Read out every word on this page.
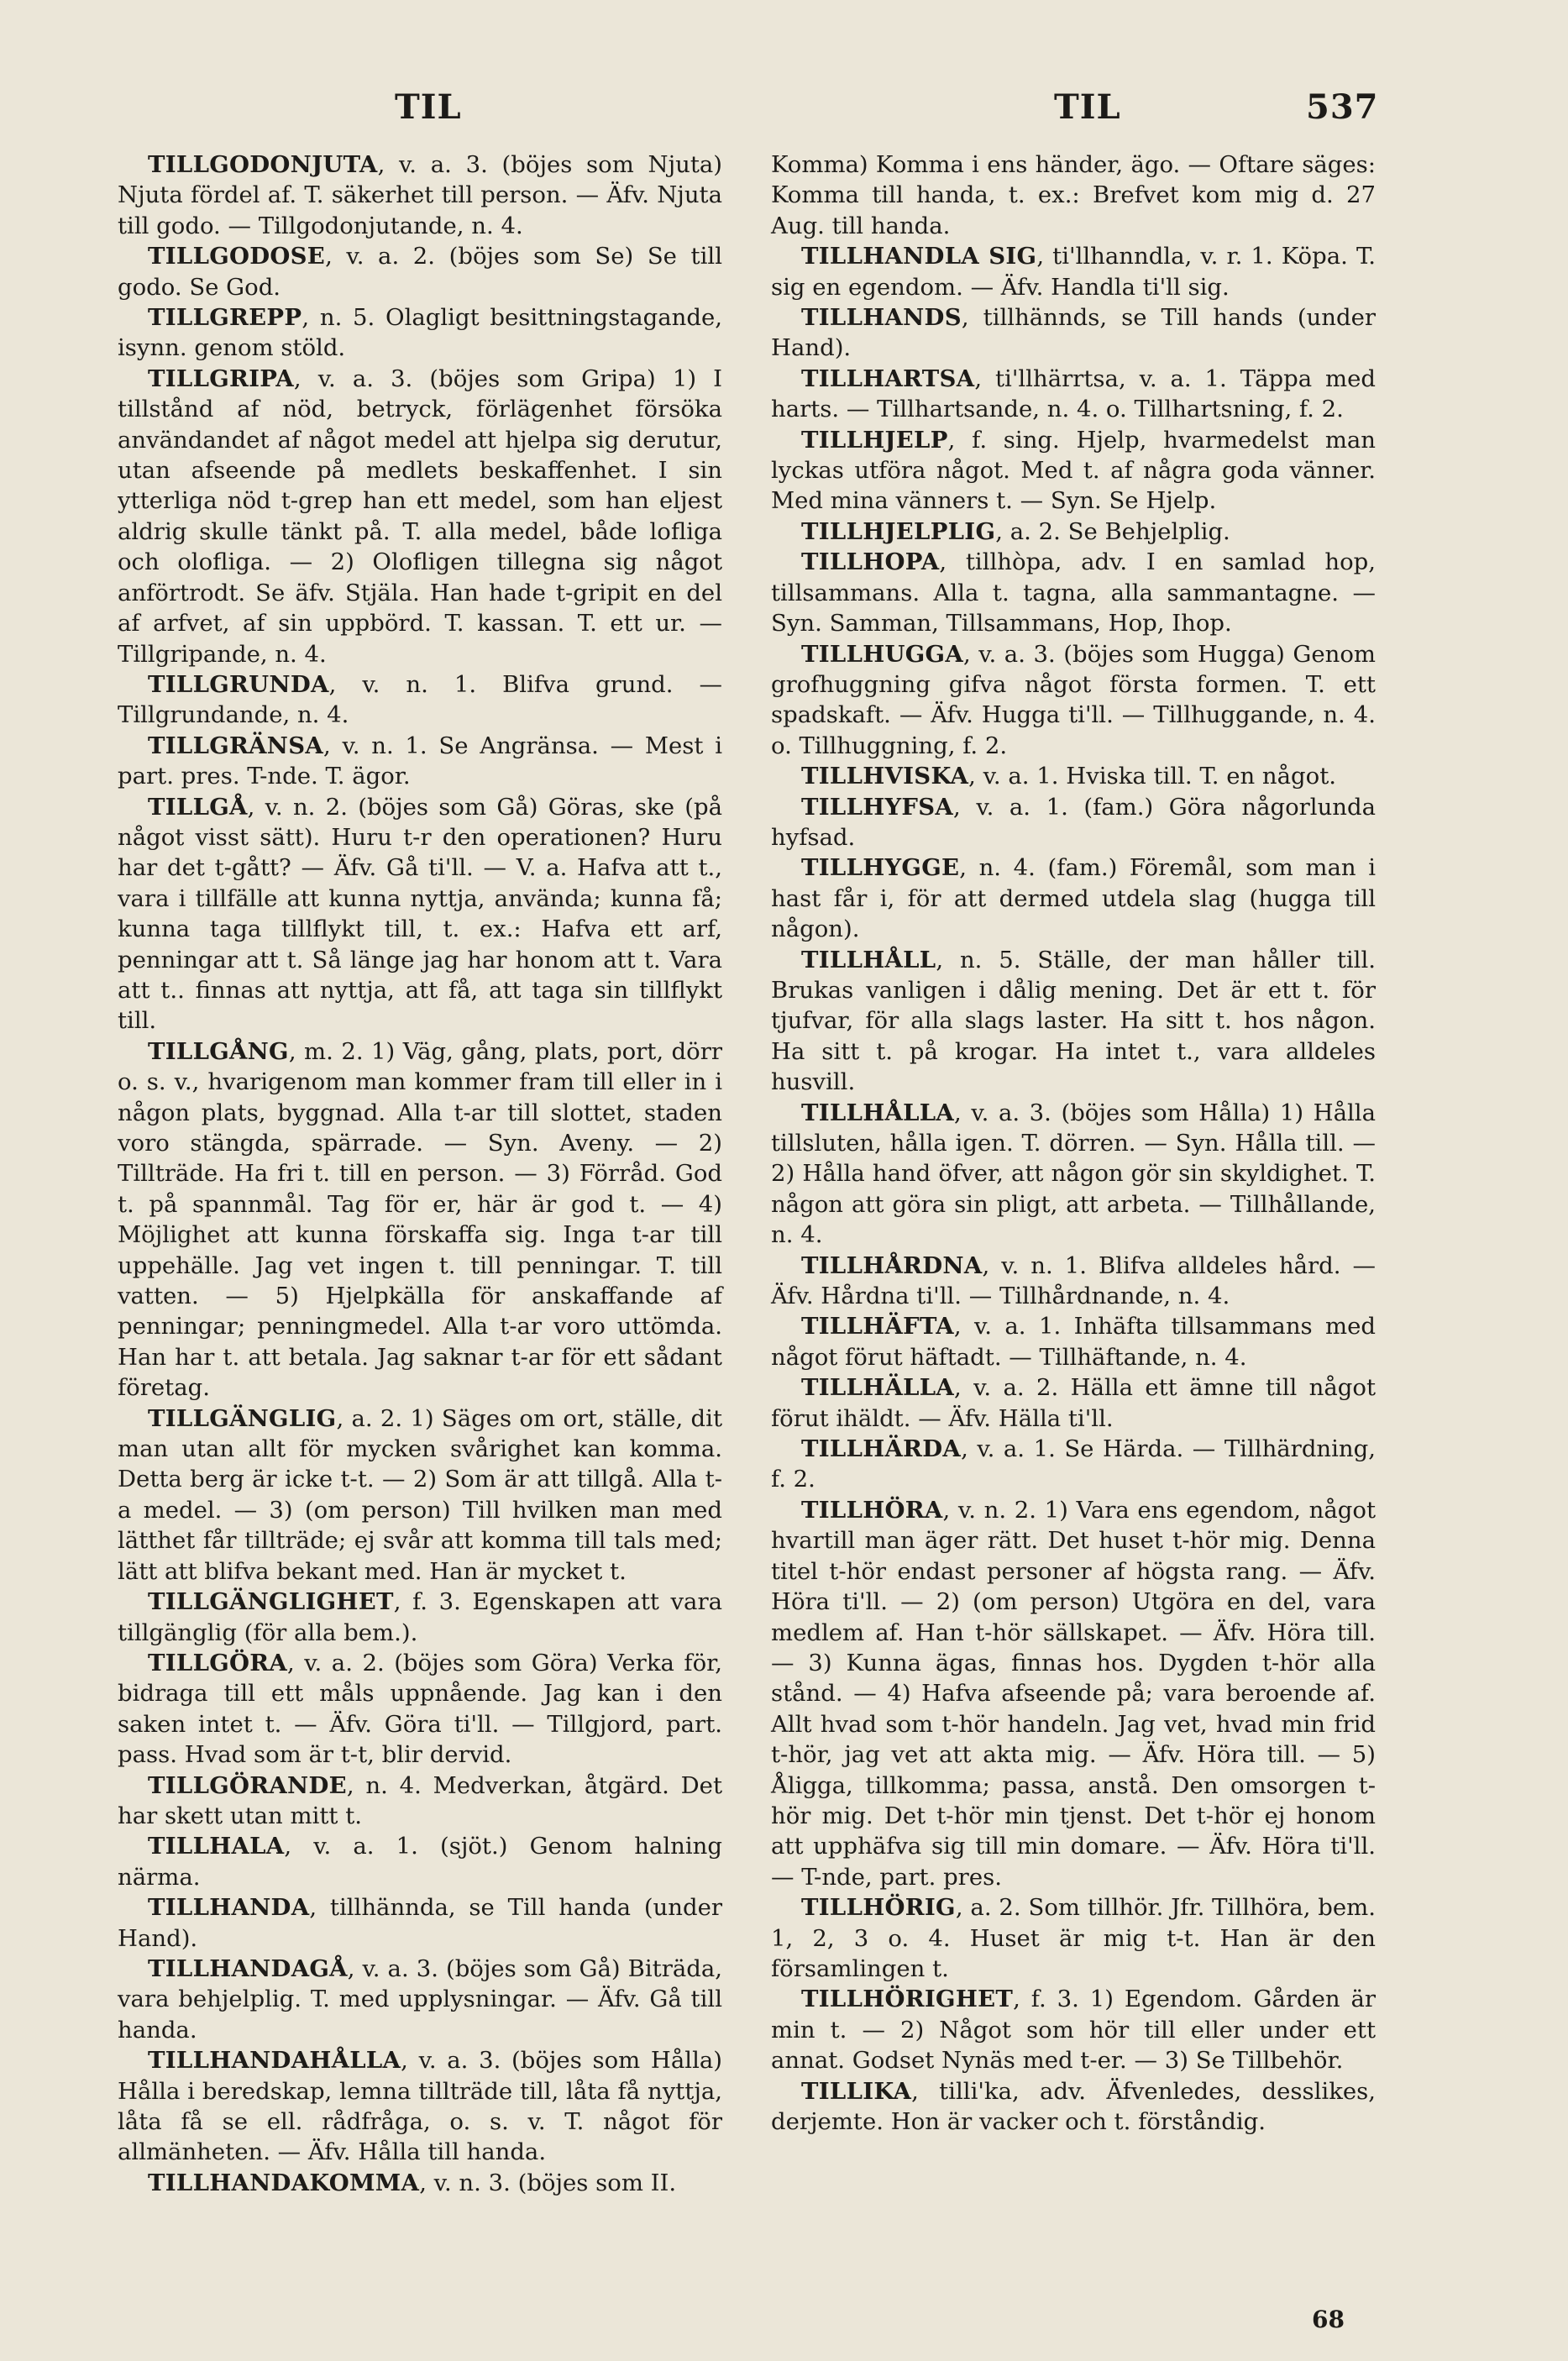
TIL	TIL	537

TILLGODONJUTA, v. a. 3. (böjes som Njuta) Njuta fördel af. T. säkerhet till person. — Äfv. Njuta till godo. — Tillgodonjutande, n. 4.

TILLGODOSE, v. a. 2. (böjes som Se) Se till godo. Se God.

TILLGREPP, n. 5. Olagligt besittningstagande, isynn. genom stöld.

TILLGRIPA, v. a. 3. (böjes som Gripa) 1) I tillstånd af nöd, betryck, förlägenhet försöka användandet af något medel att hjelpa sig derutur, utan afseende på medlets beskaffenhet. I sin ytterliga nöd t-grep han ett medel, som han eljest aldrig skulle tänkt på. T. alla medel, både lofliga och olofliga. — 2) Olofligen tillegna sig något anförtrodt. Se äfv. Stjäla. Han hade t-gripit en del af arfvet, af sin uppbörd. T. kassan. T. ett ur. — Tillgripande, n. 4.

TILLGRUNDA, v. n. 1. Blifva grund. — Tillgrundande, n. 4.

TILLGRÄNSA, v. n. 1. Se Angränsa. — Mest i part. pres. T-nde. T. ägor.

TILLGÅ, v. n. 2. (böjes som Gå) Göras, ske (på något visst sätt). Huru t-r den operationen? Huru har det t-gått? — Äfv. Gå ti'll. — V. a. Hafva att t., vara i tillfälle att kunna nyttja, använda; kunna få; kunna taga tillflykt till, t. ex.: Hafva ett arf, penningar att t. Så länge jag har honom att t. Vara att t.. finnas att nyttja, att få, att taga sin tillflykt till.

TILLGÅNG, m. 2. 1) Väg, gång, plats, port, dörr o. s. v., hvarigenom man kommer fram till eller in i någon plats, byggnad. Alla t-ar till slottet, staden voro stängda, spärrade. — Syn. Aveny. — 2) Tillträde. Ha fri t. till en person. — 3) Förråd. God t. på spannmål. Tag för er, här är god t. — 4) Möjlighet att kunna förskaffa sig. Inga t-ar till uppehälle. Jag vet ingen t. till penningar. T. till vatten. — 5) Hjelpkälla för anskaffande af penningar; penningmedel. Alla t-ar voro uttömda. Han har t. att betala. Jag saknar t-ar för ett sådant företag.

TILLGÄNGLIG, a. 2. 1) Säges om ort, ställe, dit man utan allt för mycken svårighet kan komma. Detta berg är icke t-t. — 2) Som är att tillgå. Alla t-a medel. — 3) (om person) Till hvilken man med lätthet får tillträde; ej svår att komma till tals med; lätt att blifva bekant med. Han är mycket t.

TILLGÄNGLIGHET, f. 3. Egenskapen att vara tillgänglig (för alla bem.).

TILLGÖRA, v. a. 2. (böjes som Göra) Verka för, bidraga till ett måls uppnående. Jag kan i den saken intet t. — Äfv. Göra ti'll. — Tillgjord, part. pass. Hvad som är t-t, blir dervid.

TILLGÖRANDE, n. 4. Medverkan, åtgärd. Det har skett utan mitt t.

TILLHALA, v. a. 1. (sjöt.) Genom halning närma.

TILLHANDA, tillhännda, se Till handa (under Hand).

TILLHANDAGÅ, v. a. 3. (böjes som Gå) Biträda, vara behjelplig. T. med upplysningar. — Äfv. Gå till handa.

TILLHANDAHÅLLA, v. a. 3. (böjes som Hålla) Hålla i beredskap, lemna tillträde till, låta få nyttja, låta få se ell. rådfråga, o. s. v. T. något för allmänheten. — Äfv. Hålla till handa.

TILLHANDAKOMMA, v. n. 3. (böjes som II.

Komma) Komma i ens händer, ägo. — Oftare säges: Komma till handa, t. ex.: Brefvet kom mig d. 27 Aug. till handa.

TILLHANDLA SIG, ti'llhanndla, v. r. 1. Köpa. T. sig en egendom. — Äfv. Handla ti'll sig.

TILLHANDS, tillhännds, se Till hands (under Hand).

TILLHARTSA, ti'llhärrtsa, v. a. 1. Täppa med harts. — Tillhartsande, n. 4. o. Tillhartsning, f. 2.

TILLHJELP, f. sing. Hjelp, hvarmedelst man lyckas utföra något. Med t. af några goda vänner. Med mina vänners t. — Syn. Se Hjelp.

TILLHJELPLIG, a. 2. Se Behjelplig.

TILLHOPA, tillhòpa, adv. I en samlad hop, tillsammans. Alla t. tagna, alla sammantagne. — Syn. Samman, Tillsammans, Hop, Ihop.

TILLHUGGA, v. a. 3. (böjes som Hugga) Genom grofhuggning gifva något första formen. T. ett spadskaft. — Äfv. Hugga ti'll. — Tillhuggande, n. 4. o. Tillhuggning, f. 2.

TILLHVISKA, v. a. 1. Hviska till. T. en något.

TILLHYFSA, v. a. 1. (fam.) Göra någorlunda hyfsad.

TILLHYGGE, n. 4. (fam.) Föremål, som man i hast får i, för att dermed utdela slag (hugga till någon).

TILLHÅLL, n. 5. Ställe, der man håller till. Brukas vanligen i dålig mening. Det är ett t. för tjufvar, för alla slags laster. Ha sitt t. hos någon. Ha sitt t. på krogar. Ha intet t., vara alldeles husvill.

TILLHÅLLA, v. a. 3. (böjes som Hålla) 1) Hålla tillsluten, hålla igen. T. dörren. — Syn. Hålla till. — 2) Hålla hand öfver, att någon gör sin skyldighet. T. någon att göra sin pligt, att arbeta. — Tillhållande, n. 4.

TILLHÅRDNA, v. n. 1. Blifva alldeles hård. — Äfv. Hårdna ti'll. — Tillhårdnande, n. 4.

TILLHÄFTA, v. a. 1. Inhäfta tillsammans med något förut häftadt. — Tillhäftande, n. 4.

TILLHÄLLA, v. a. 2. Hälla ett ämne till något förut ihäldt. — Äfv. Hälla ti'll.

TILLHÄRDA, v. a. 1. Se Härda. — Tillhärdning, f. 2.

TILLHÖRA, v. n. 2. 1) Vara ens egendom, något hvartill man äger rätt. Det huset t-hör mig. Denna titel t-hör endast personer af högsta rang. — Äfv. Höra ti'll. — 2) (om person) Utgöra en del, vara medlem af. Han t-hör sällskapet. — Äfv. Höra till. — 3) Kunna ägas, finnas hos. Dygden t-hör alla stånd. — 4) Hafva afseende på; vara beroende af. Allt hvad som t-hör handeln. Jag vet, hvad min frid t-hör, jag vet att akta mig. — Äfv. Höra till. — 5) Åligga, tillkomma; passa, anstå. Den omsorgen t-hör mig. Det t-hör min tjenst. Det t-hör ej honom att upphäfva sig till min domare. — Äfv. Höra ti'll. — T-nde, part. pres.

TILLHÖRIG, a. 2. Som tillhör. Jfr. Tillhöra, bem. 1, 2, 3 o. 4. Huset är mig t-t. Han är den församlingen t.

TILLHÖRIGHET, f. 3. 1) Egendom. Gården är min t. — 2) Något som hör till eller under ett annat. Godset Nynäs med t-er. — 3) Se Tillbehör.

TILLIKA, tilli'ka, adv. Äfvenledes, desslikes, derjemte. Hon är vacker och t. förståndig.

68
